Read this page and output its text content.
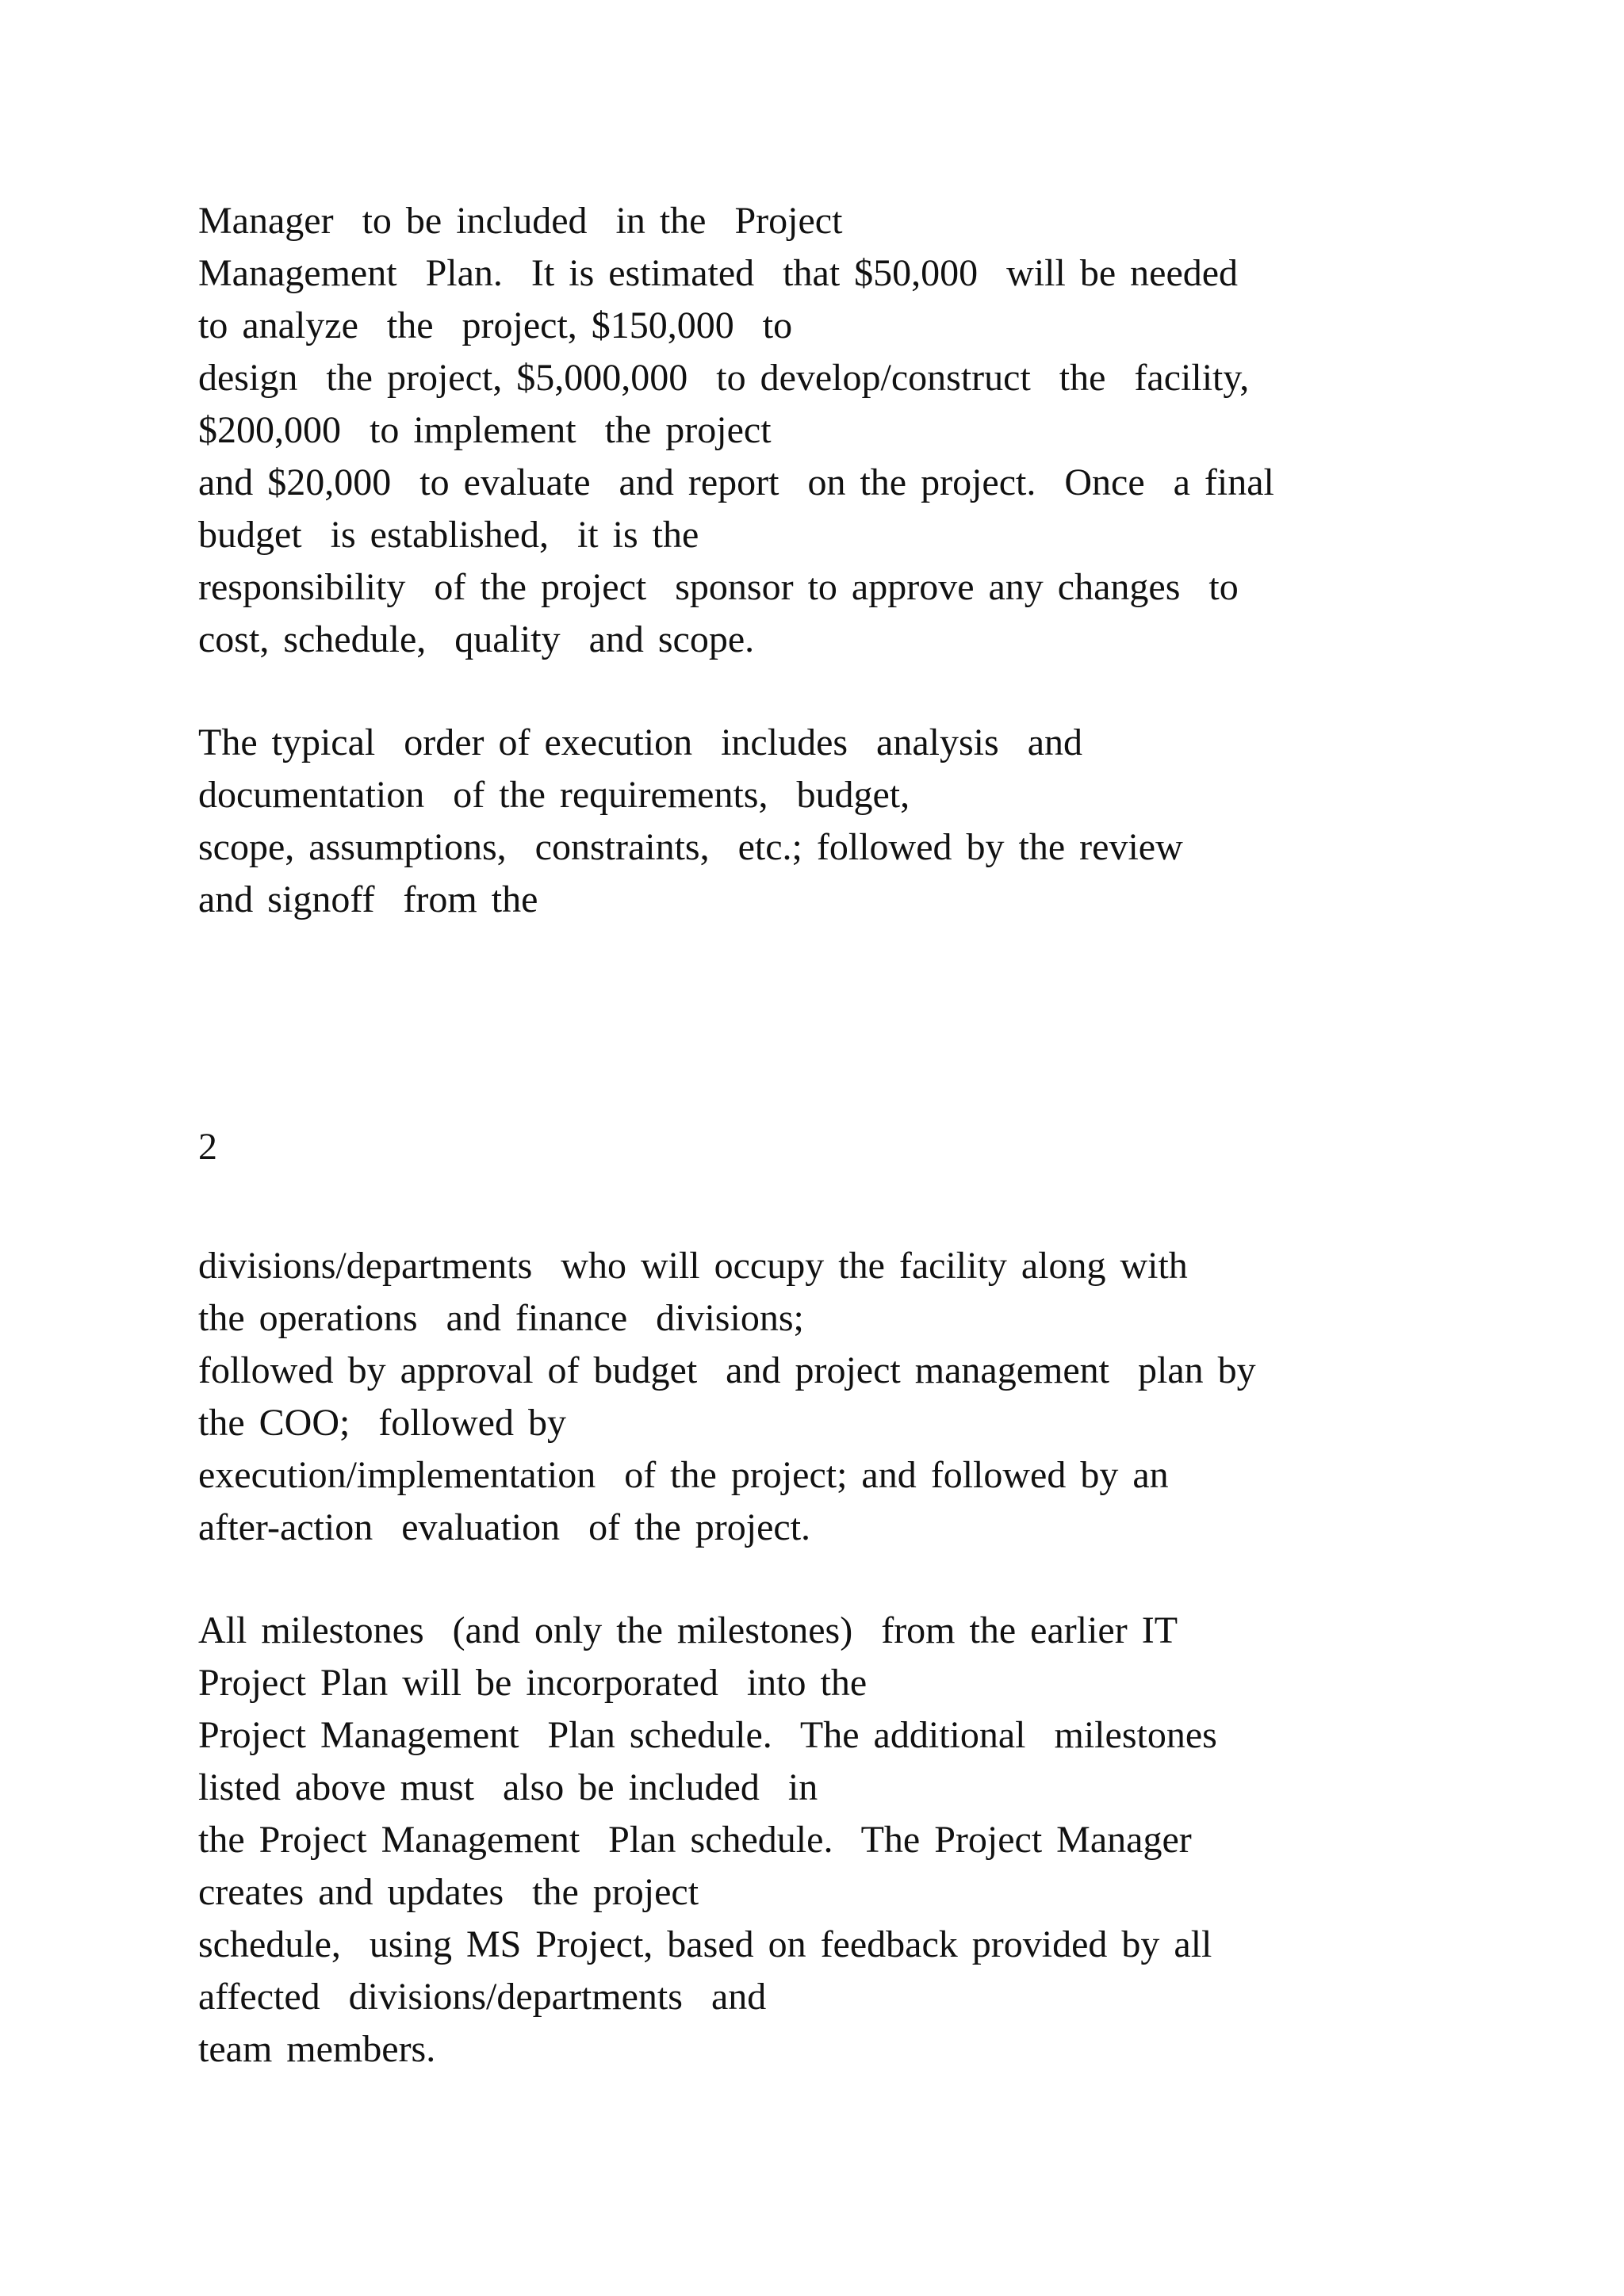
Manager  to be included  in the  Project
Management  Plan.  It is estimated  that $50,000  will be needed
to analyze  the  project, $150,000  to
design  the project, $5,000,000  to develop/construct  the  facility,
$200,000  to implement  the project
and $20,000  to evaluate  and report  on the project.  Once  a final
budget  is established,  it is the
responsibility  of the project  sponsor to approve any changes  to
cost, schedule,  quality  and scope.

The typical  order of execution  includes  analysis  and
documentation  of the requirements,  budget,
scope, assumptions,  constraints,  etc.; followed by the review
and signoff  from the

2

divisions/departments  who will occupy the facility along with
the operations  and finance  divisions;
followed by approval of budget  and project management  plan by
the COO;  followed by
execution/implementation  of the project; and followed by an
after-action  evaluation  of the project.

All milestones  (and only the milestones)  from the earlier IT
Project Plan will be incorporated  into the
Project Management  Plan schedule.  The additional  milestones
listed above must  also be included  in
the Project Management  Plan schedule.  The Project Manager
creates and updates  the project
schedule,  using MS Project, based on feedback provided by all
affected  divisions/departments  and
team members.
